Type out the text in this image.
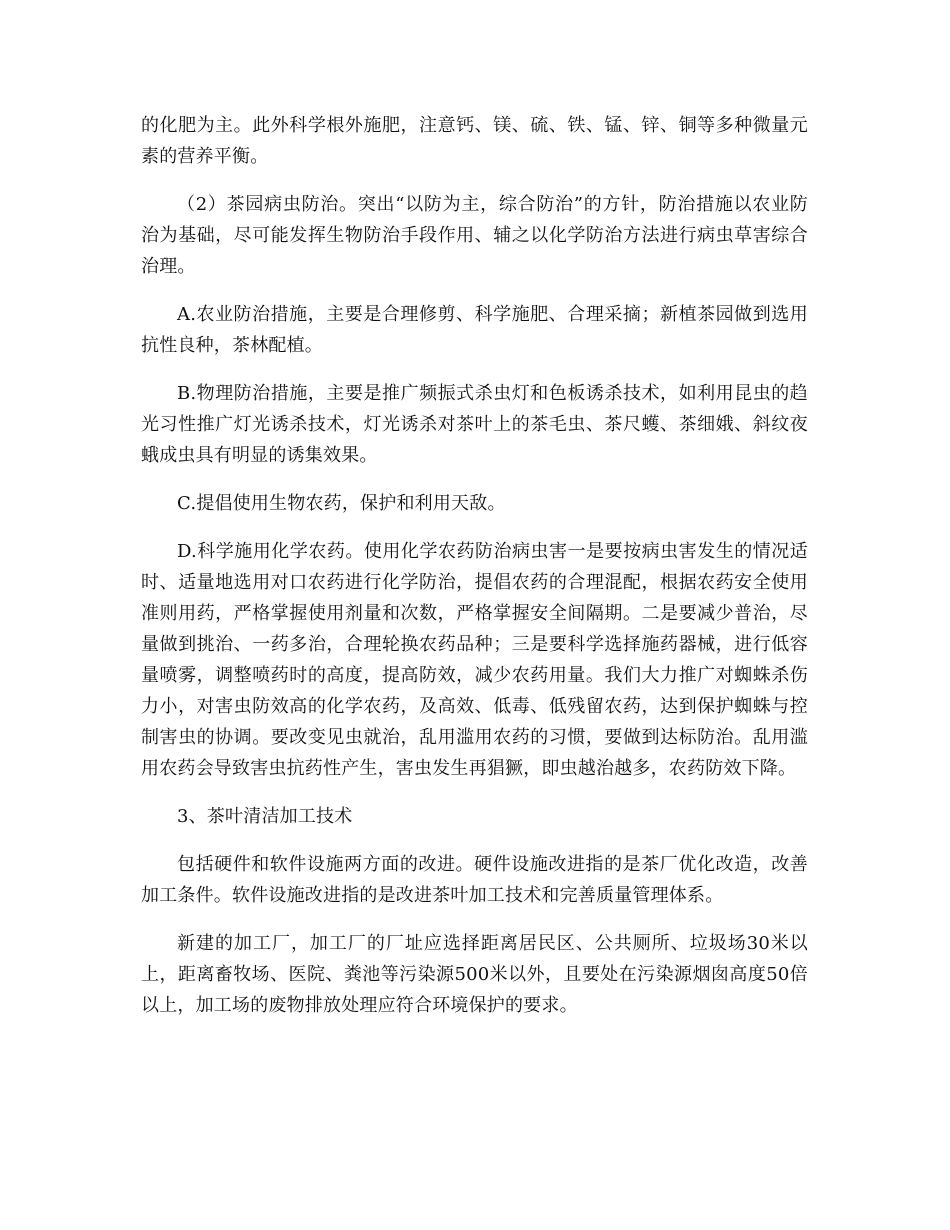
的化肥为主。此外科学根外施肥，注意钙、镁、硫、铁、锰、锌、铜等多种微量元素的营养平衡。

（2）茶园病虫防治。突出“以防为主，综合防治”的方针，防治措施以农业防治为基础，尽可能发挥生物防治手段作用、辅之以化学防治方法进行病虫草害综合治理。

A.农业防治措施，主要是合理修剪、科学施肥、合理采摘；新植茶园做到选用抗性良种，茶林配植。

B.物理防治措施，主要是推广频振式杀虫灯和色板诱杀技术，如利用昆虫的趋光习性推广灯光诱杀技术，灯光诱杀对茶叶上的茶毛虫、茶尺蠖、茶细娥、斜纹夜蛾成虫具有明显的诱集效果。

C.提倡使用生物农药，保护和利用天敌。

D.科学施用化学农药。使用化学农药防治病虫害一是要按病虫害发生的情况适时、适量地选用对口农药进行化学防治，提倡农药的合理混配，根据农药安全使用准则用药，严格掌握使用剂量和次数，严格掌握安全间隔期。二是要减少普治，尽量做到挑治、一药多治，合理轮换农药品种；三是要科学选择施药器械，进行低容量喷雾，调整喷药时的高度，提高防效，减少农药用量。我们大力推广对蜘蛛杀伤力小，对害虫防效高的化学农药，及高效、低毒、低残留农药，达到保护蜘蛛与控制害虫的协调。要改变见虫就治，乱用滥用农药的习惯，要做到达标防治。乱用滥用农药会导致害虫抗药性产生，害虫发生再猖獗，即虫越治越多，农药防效下降。

3、茶叶清洁加工技术

包括硬件和软件设施两方面的改进。硬件设施改进指的是茶厂优化改造，改善加工条件。软件设施改进指的是改进茶叶加工技术和完善质量管理体系。

新建的加工厂，加工厂的厂址应选择距离居民区、公共厕所、垃圾场30米以上，距离畜牧场、医院、粪池等污染源500米以外，且要处在污染源烟囱高度50倍以上，加工场的废物排放处理应符合环境保护的要求。
